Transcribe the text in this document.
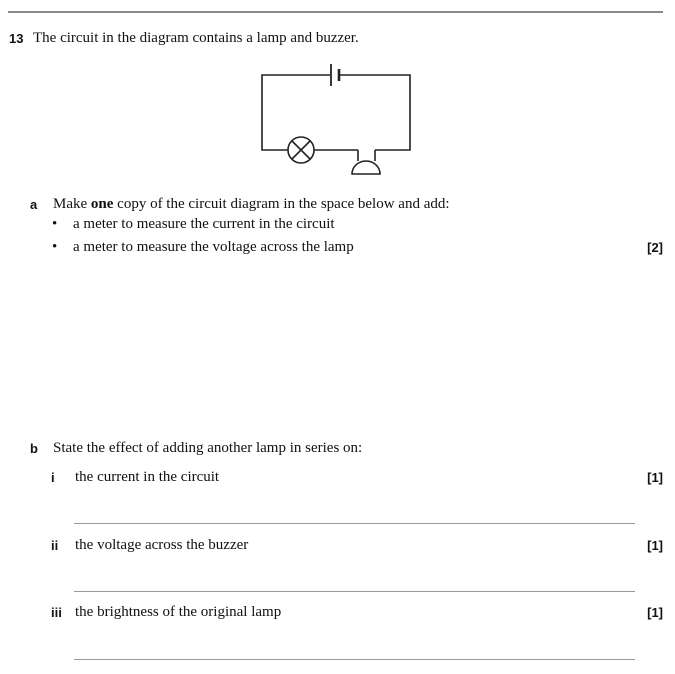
13 The circuit in the diagram contains a lamp and buzzer.
a Make one copy of the circuit diagram in the space below and add:
• a meter to measure the current in the circuit
• a meter to measure the voltage across the lamp	[2]
b State the effect of adding another lamp in series on:
i the current in the circuit	[1]
ii the voltage across the buzzer	[1]
iii the brightness of the original lamp	[1]
